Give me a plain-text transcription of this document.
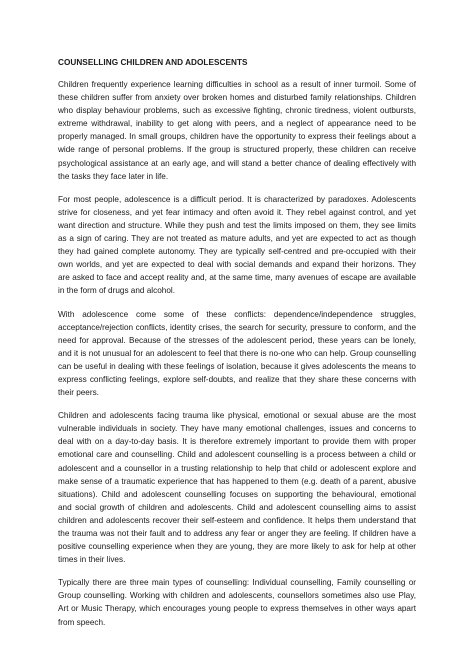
COUNSELLING CHILDREN AND ADOLESCENTS

Children frequently experience learning difficulties in school as a result of inner turmoil. Some of these children suffer from anxiety over broken homes and disturbed family relationships. Children who display behaviour problems, such as excessive fighting, chronic tiredness, violent outbursts, extreme withdrawal, inability to get along with peers, and a neglect of appearance need to be properly managed. In small groups, children have the opportunity to express their feelings about a wide range of personal problems. If the group is structured properly, these children can receive psychological assistance at an early age, and will stand a better chance of dealing effectively with the tasks they face later in life.

For most people, adolescence is a difficult period. It is characterized by paradoxes. Adolescents strive for closeness, and yet fear intimacy and often avoid it. They rebel against control, and yet want direction and structure. While they push and test the limits imposed on them, they see limits as a sign of caring. They are not treated as mature adults, and yet are expected to act as though they had gained complete autonomy. They are typically self-centred and pre-occupied with their own worlds, and yet are expected to deal with social demands and expand their horizons. They are asked to face and accept reality and, at the same time, many avenues of escape are available in the form of drugs and alcohol.

With adolescence come some of these conflicts: dependence/independence struggles, acceptance/rejection conflicts, identity crises, the search for security, pressure to conform, and the need for approval. Because of the stresses of the adolescent period, these years can be lonely, and it is not unusual for an adolescent to feel that there is no-one who can help. Group counselling can be useful in dealing with these feelings of isolation, because it gives adolescents the means to express conflicting feelings, explore self-doubts, and realize that they share these concerns with their peers.

Children and adolescents facing trauma like physical, emotional or sexual abuse are the most vulnerable individuals in society. They have many emotional challenges, issues and concerns to deal with on a day-to-day basis. It is therefore extremely important to provide them with proper emotional care and counselling. Child and adolescent counselling is a process between a child or adolescent and a counsellor in a trusting relationship to help that child or adolescent explore and make sense of a traumatic experience that has happened to them (e.g. death of a parent, abusive situations). Child and adolescent counselling focuses on supporting the behavioural, emotional and social growth of children and adolescents. Child and adolescent counselling aims to assist children and adolescents recover their self-esteem and confidence. It helps them understand that the trauma was not their fault and to address any fear or anger they are feeling. If children have a positive counselling experience when they are young, they are more likely to ask for help at other times in their lives.

Typically there are three main types of counselling: Individual counselling, Family counselling or Group counselling. Working with children and adolescents, counsellors sometimes also use Play, Art or Music Therapy, which encourages young people to express themselves in other ways apart from speech.
